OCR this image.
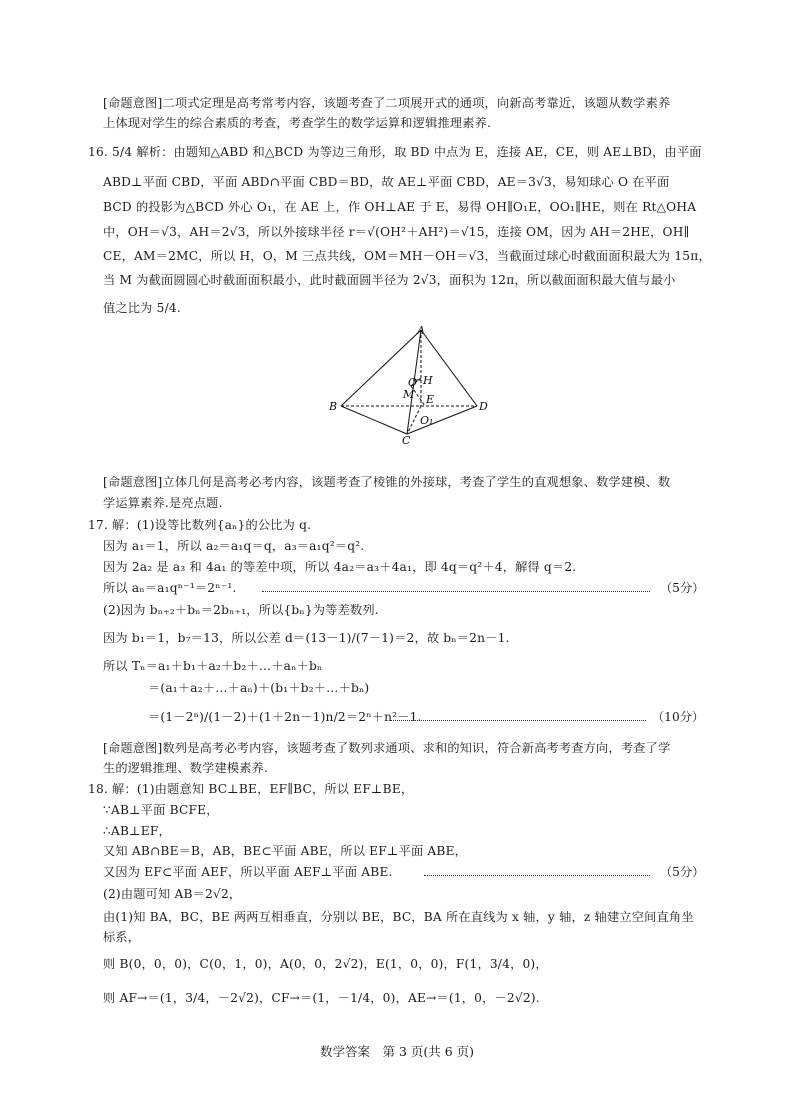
[命题意图]二项式定理是高考常考内容，该题考查了二项展开式的通项，向新高考靠近，该题从数学素养
上体现对学生的综合素质的考查，考查学生的数学运算和逻辑推理素养.
16. 5/4 解析：由题知△ABD 和△BCD 为等边三角形，取 BD 中点为 E，连接 AE，CE，则 AE⊥BD，由平面
ABD⊥平面 CBD，平面 ABD∩平面 CBD＝BD，故 AE⊥平面 CBD，AE＝3√3，易知球心 O 在平面
BCD 的投影为△BCD 外心 O₁，在 AE 上，作 OH⊥AE 于 E，易得 OH∥O₁E，OO₁∥HE，则在 Rt△OHA
中，OH＝√3，AH＝2√3，所以外接球半径 r＝√(OH²＋AH²)＝√15，连接 OM，因为 AH＝2HE，OH∥
CE，AM＝2MC，所以 H，O，M 三点共线，OM＝MH－OH＝√3，当截面过球心时截面面积最大为 15π，
当 M 为截面圆圆心时截面面积最小，此时截面圆半径为 2√3，面积为 12π，所以截面面积最大值与最小
值之比为 5/4.
A
B
C
D
O H
M E
O₁
[命题意图]立体几何是高考必考内容，该题考查了棱锥的外接球，考查了学生的直观想象、数学建模、数
学运算素养.是亮点题.
17. 解：(1)设等比数列{aₙ}的公比为 q.
因为 a₁＝1，所以 a₂＝a₁q＝q，a₃＝a₁q²＝q².
因为 2a₂ 是 a₃ 和 4a₁ 的等差中项，所以 4a₂＝a₃＋4a₁，即 4q＝q²＋4，解得 q＝2.
所以 aₙ＝a₁qⁿ⁻¹＝2ⁿ⁻¹.	（5分）
(2)因为 bₙ₊₂＋bₙ＝2bₙ₊₁，所以{bₙ}为等差数列.
因为 b₁＝1，b₇＝13，所以公差 d＝(13－1)/(7－1)＝2，故 bₙ＝2n－1.
所以 Tₙ＝a₁＋b₁＋a₂＋b₂＋…＋aₙ＋bₙ
＝(a₁＋a₂＋…＋aₙ)＋(b₁＋b₂＋…＋bₙ)
＝(1－2ⁿ)/(1－2)＋(1＋2n－1)n/2＝2ⁿ＋n²－1.	（10分）
[命题意图]数列是高考必考内容，该题考查了数列求通项、求和的知识，符合新高考考查方向，考查了学
生的逻辑推理、数学建模素养.
18. 解：(1)由题意知 BC⊥BE，EF∥BC，所以 EF⊥BE，
∵AB⊥平面 BCFE，
∴AB⊥EF，
又知 AB∩BE＝B，AB，BE⊂平面 ABE，所以 EF⊥平面 ABE，
又因为 EF⊂平面 AEF，所以平面 AEF⊥平面 ABE.	（5分）
(2)由题可知 AB＝2√2，
由(1)知 BA，BC，BE 两两互相垂直，分别以 BE，BC，BA 所在直线为 x 轴，y 轴，z 轴建立空间直角坐
标系，
则 B(0，0，0)，C(0，1，0)，A(0，0，2√2)，E(1，0，0)，F(1，3/4，0)，
则 AF→＝(1，3/4，－2√2)，CF→＝(1，－1/4，0)，AE→＝(1，0，－2√2).
数学答案　第 3 页(共 6 页)
